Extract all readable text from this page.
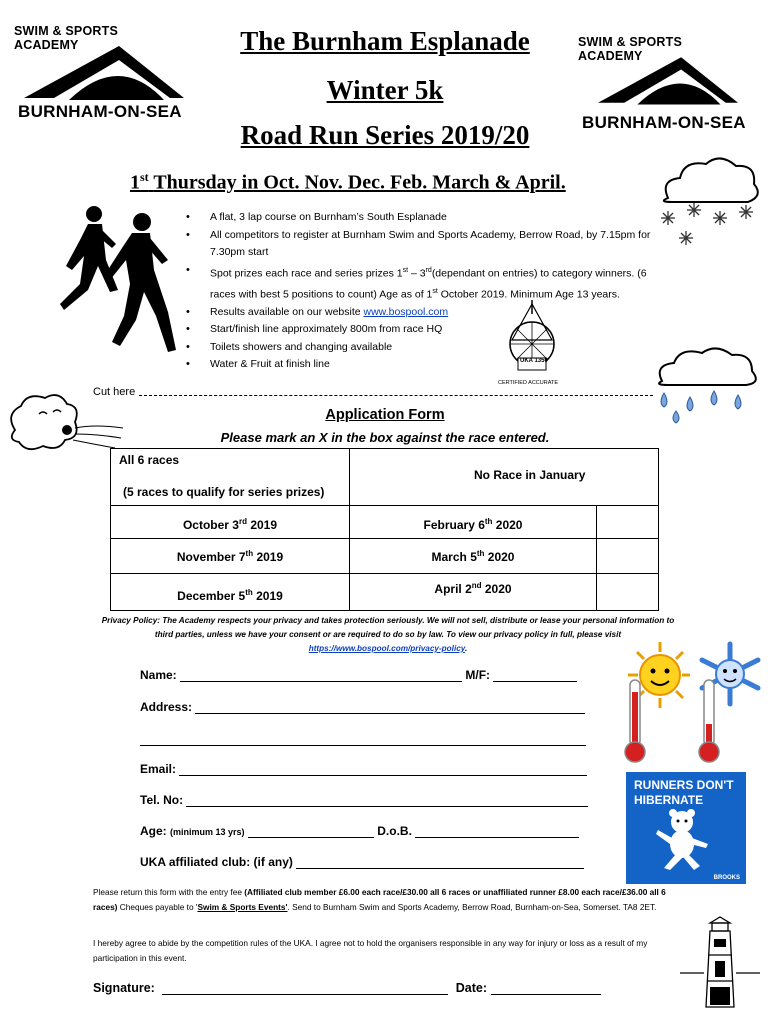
SWIM & SPORTS ACADEMY
BURNHAM-ON-SEA
SWIM & SPORTS ACADEMY
BURNHAM-ON-SEA
The Burnham Esplanade
Winter 5k
Road Run Series 2019/20
1st Thursday in Oct. Nov. Dec. Feb. March & April.
• A flat, 3 lap course on Burnham’s South Esplanade
• All competitors to register at Burnham Swim and Sports Academy, Berrow Road, by 7.15pm for 7.30pm start
• Spot prizes each race and series prizes 1st – 3rd(dependant on entries) to category winners. (6 races with best 5 positions to count) Age as of 1st October 2019. Minimum Age 13 years.
• Results available on our website www.bospool.com
• Start/finish line approximately 800m from race HQ
• Toilets showers and changing available
• Water & Fruit at finish line	UKA 1350
CERTIFIED ACCURATE
Cut here
Application Form
Please mark an X in the box against the race entered.
All 6 races
(5 races to qualify for series prizes)
No Race in January
October 3rd 2019	February 6th 2020
November 7th 2019	March 5th 2020
December 5th 2019	April 2nd 2020
Privacy Policy: The Academy respects your privacy and takes protection seriously. We will not sell, distribute or lease your personal information to third parties, unless we have your consent or are required to do so by law. To view our privacy policy in full, please visit https://www.bospool.com/privacy-policy.
Name:	M/F:
Address:
Email:
Tel. No:
Age: (minimum 13 yrs)	D.o.B.
UKA affiliated club: (if any)
RUNNERS DON'T
HIBERNATE
BROOKS
Please return this form with the entry fee (Affiliated club member £6.00 each race/£30.00 all 6 races or unaffiliated runner £8.00 each race/£36.00 all 6 races) Cheques payable to 'Swim & Sports Events'. Send to Burnham Swim and Sports Academy, Berrow Road, Burnham-on-Sea, Somerset. TA8 2ET.
I hereby agree to abide by the competition rules of the UKA. I agree not to hold the organisers responsible in any way for injury or loss as a result of my participation in this event.
Signature:	Date:
